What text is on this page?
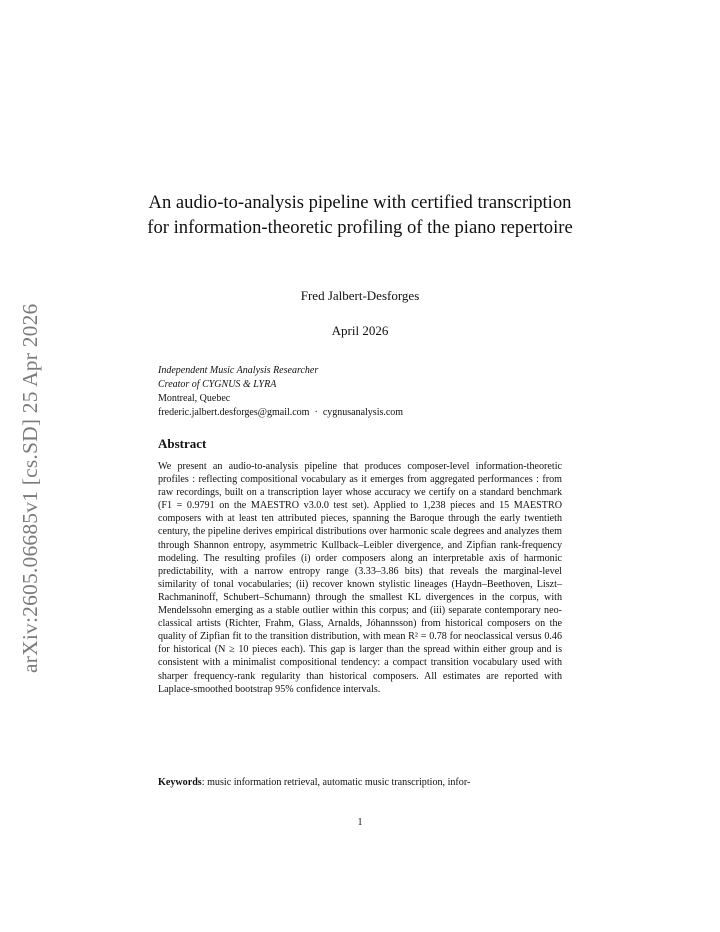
arXiv:2605.06685v1 [cs.SD] 25 Apr 2026
An audio-to-analysis pipeline with certified transcription for information-theoretic profiling of the piano repertoire
Fred Jalbert-Desforges
April 2026
Independent Music Analysis Researcher
Creator of CYGNUS & LYRA
Montreal, Quebec
frederic.jalbert.desforges@gmail.com · cygnusanalysis.com
Abstract
We present an audio-to-analysis pipeline that produces composer-level information-theoretic profiles : reflecting compositional vocabulary as it emerges from aggregated performances : from raw recordings, built on a transcription layer whose accuracy we certify on a standard benchmark (F1 = 0.9791 on the MAESTRO v3.0.0 test set). Applied to 1,238 pieces and 15 MAESTRO composers with at least ten attributed pieces, spanning the Baroque through the early twentieth century, the pipeline derives empirical distributions over harmonic scale degrees and analyzes them through Shannon entropy, asymmetric Kullback–Leibler divergence, and Zipfian rank-frequency modeling. The resulting profiles (i) order composers along an interpretable axis of harmonic predictability, with a narrow entropy range (3.33–3.86 bits) that reveals the marginal-level similarity of tonal vocabularies; (ii) recover known stylistic lineages (Haydn–Beethoven, Liszt–Rachmaninoff, Schubert–Schumann) through the smallest KL divergences in the corpus, with Mendelssohn emerging as a stable outlier within this corpus; and (iii) separate contemporary neo-classical artists (Richter, Frahm, Glass, Arnalds, Jóhannsson) from historical composers on the quality of Zipfian fit to the transition distribution, with mean R² = 0.78 for neoclassical versus 0.46 for historical (N ≥ 10 pieces each). This gap is larger than the spread within either group and is consistent with a minimalist compositional tendency: a compact transition vocabulary used with sharper frequency-rank regularity than historical composers. All estimates are reported with Laplace-smoothed bootstrap 95% confidence intervals.
Keywords: music information retrieval, automatic music transcription, infor-
1
